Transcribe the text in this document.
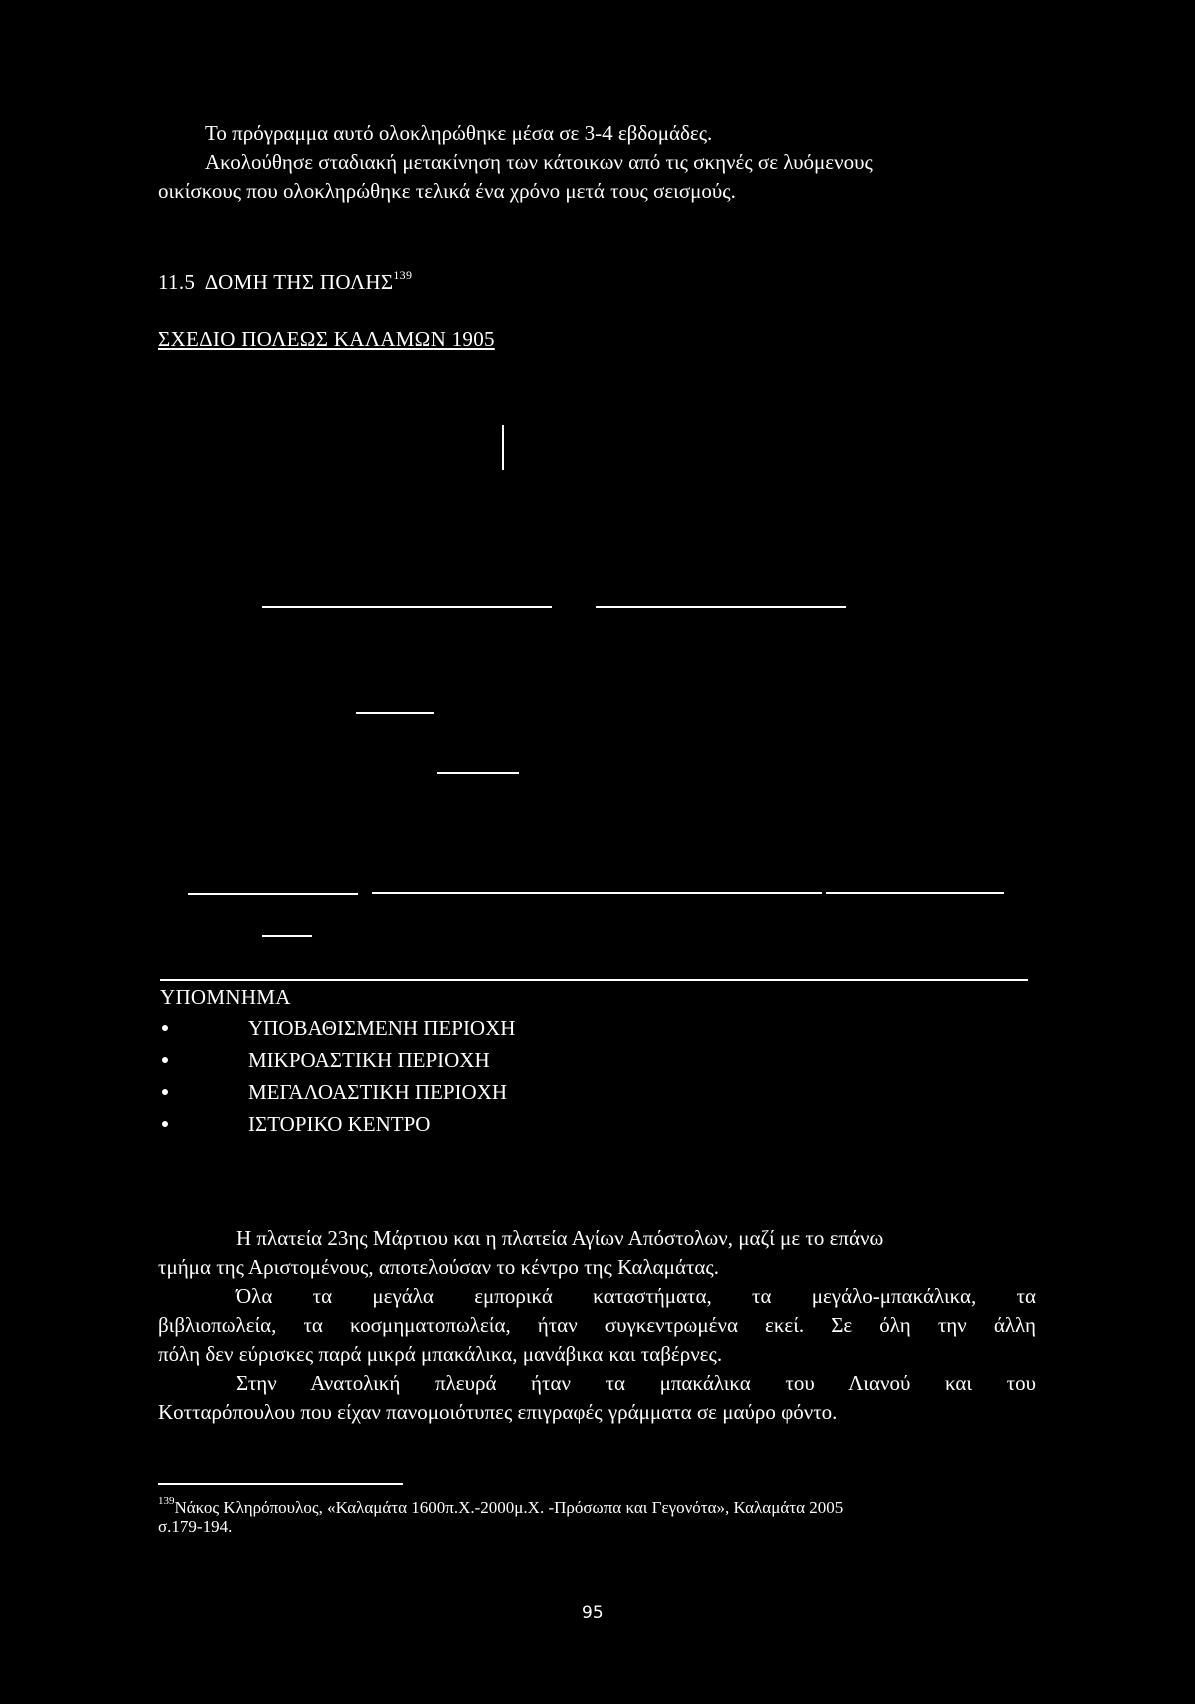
Το πρόγραμμα αυτό ολοκληρώθηκε μέσα σε 3-4 εβδομάδες.
Ακολούθησε σταδιακή μετακίνηση των κάτοικων από τις σκηνές σε λυόμενους
οικίσκους που ολοκληρώθηκε τελικά ένα χρόνο μετά τους σεισμούς.
11.5 ΔΟΜΗ ΤΗΣ ΠΟΛΗΣ$^{139}$
ΣΧΕΔΙΟ ΠΟΛΕΩΣ ΚΑΛΑΜΩΝ 1905
ΥΠΟΜΝΗΜΑ
ΥΠΟΒΑΘΙΣΜΕΝΗ ΠΕΡΙΟΧΗ
ΜΙΚΡΟΑΣΤΙΚΗ ΠΕΡΙΟΧΗ
ΜΕΓΑΛΟΑΣΤΙΚΗ ΠΕΡΙΟΧΗ
ΙΣΤΟΡΙΚΟ ΚΕΝΤΡΟ
Η πλατεία 23ης Μάρτιου και η πλατεία Αγίων Απόστολων, μαζί με το επάνω
τμήμα της Αριστομένους, αποτελούσαν το κέντρο της Καλαμάτας.
Όλα τα μεγάλα εμπορικά καταστήματα, τα μεγάλο-μπακάλικα, τα
βιβλιοπωλεία, τα κοσμηματοπωλεία, ήταν συγκεντρωμένα εκεί. Σε όλη την άλλη
πόλη δεν εύρισκες παρά μικρά μπακάλικα, μανάβικα και ταβέρνες.
Στην Ανατολική πλευρά ήταν τα μπακάλικα του Λιανού και του
Κοτταρόπουλου που είχαν πανομοιότυπες επιγραφές γράμματα σε μαύρο φόντο.
$^{139}$Νάκος Κληρόπουλος, «Καλαμάτα 1600π.Χ.-2000μ.Χ. -Πρόσωπα και Γεγονότα», Καλαμάτα 2005
σ.179-194.
95
